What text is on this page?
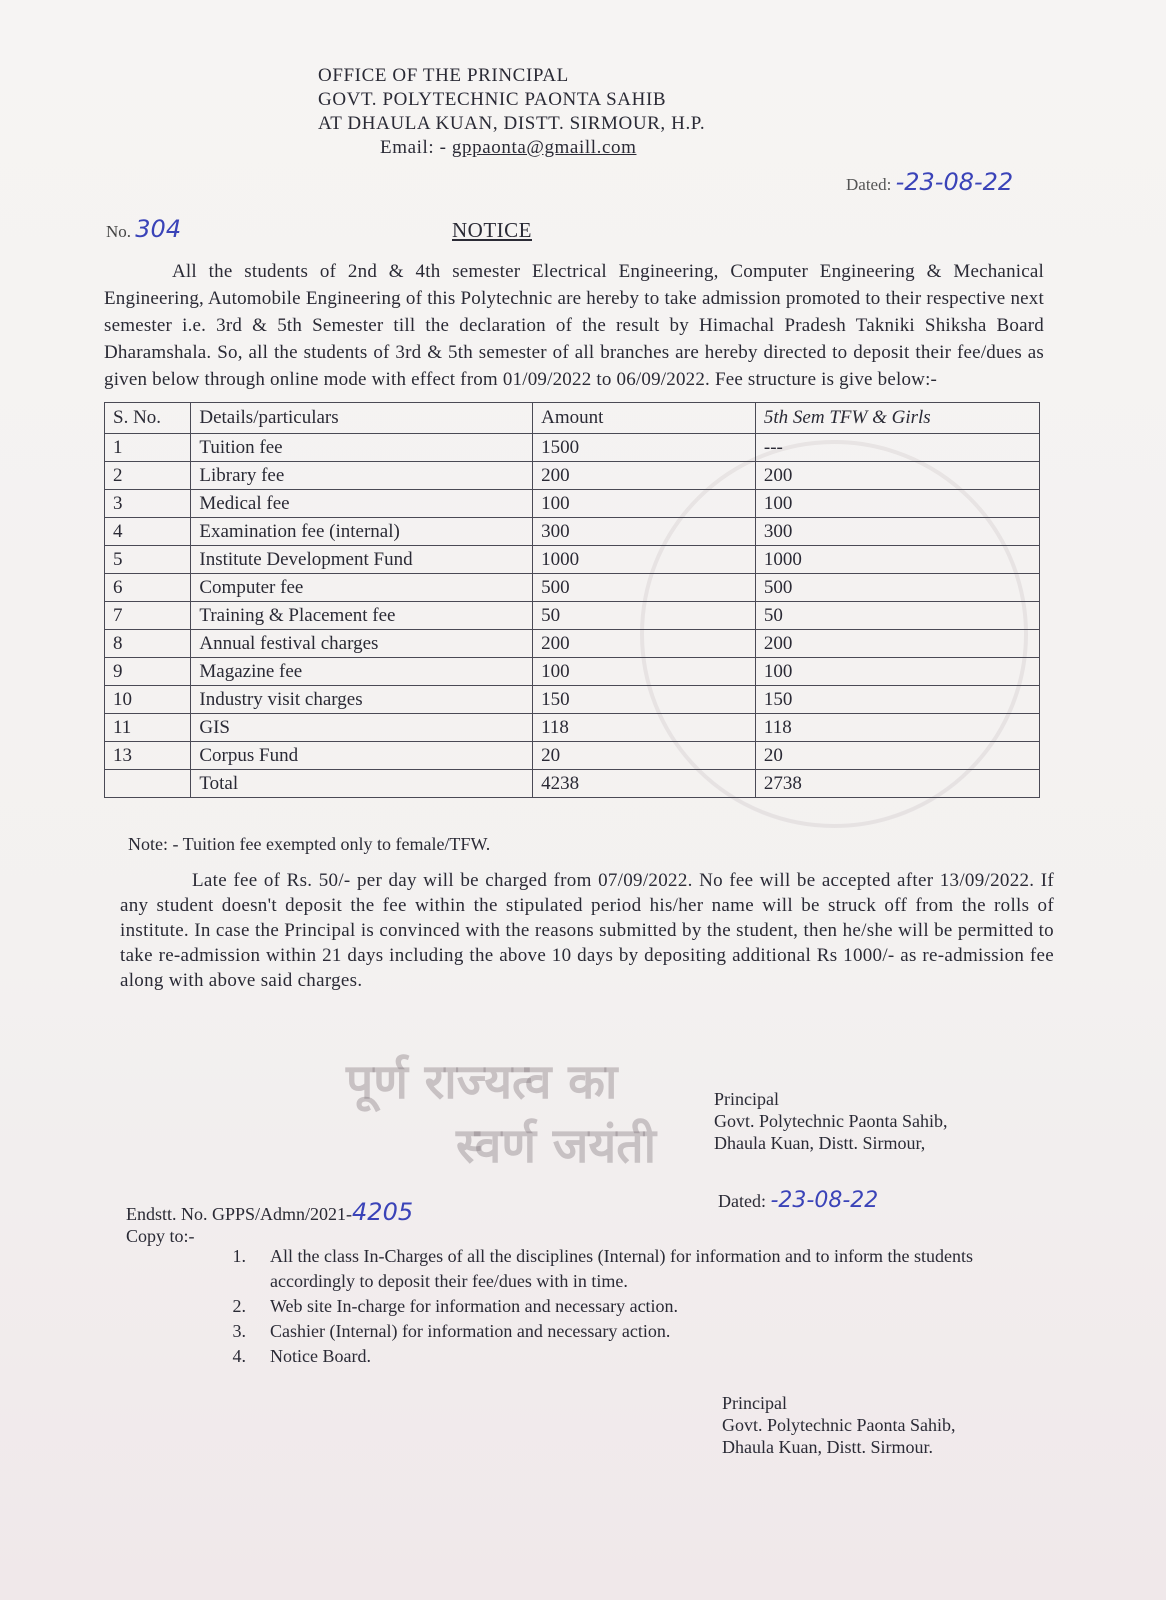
OFFICE OF THE PRINCIPAL
GOVT. POLYTECHNIC PAONTA SAHIB
AT DHAULA KUAN, DISTT. SIRMOUR, H.P.
Email: - gppaonta@gmaill.com
Dated: -23-08-22
No. 304	NOTICE
All the students of 2nd & 4th semester Electrical Engineering, Computer Engineering & Mechanical Engineering, Automobile Engineering of this Polytechnic are hereby to take admission promoted to their respective next semester i.e. 3rd & 5th Semester till the declaration of the result by Himachal Pradesh Takniki Shiksha Board Dharamshala. So, all the students of 3rd & 5th semester of all branches are hereby directed to deposit their fee/dues as given below through online mode with effect from 01/09/2022 to 06/09/2022. Fee structure is give below:-
S. No.	Details/particulars	Amount	5th Sem TFW & Girls
1	Tuition fee	1500	---
2	Library fee	200	200
3	Medical fee	100	100
4	Examination fee (internal)	300	300
5	Institute Development Fund	1000	1000
6	Computer fee	500	500
7	Training & Placement fee	50	50
8	Annual festival charges	200	200
9	Magazine fee	100	100
10	Industry visit charges	150	150
11	GIS	118	118
13	Corpus Fund	20	20
	Total	4238	2738
Note: - Tuition fee exempted only to female/TFW.
Late fee of Rs. 50/- per day will be charged from 07/09/2022. No fee will be accepted after 13/09/2022. If any student doesn't deposit the fee within the stipulated period his/her name will be struck off from the rolls of institute. In case the Principal is convinced with the reasons submitted by the student, then he/she will be permitted to take re-admission within 21 days including the above 10 days by depositing additional Rs 1000/- as re-admission fee along with above said charges.
पूर्ण राज्यत्व का
स्वर्ण जयंती
Principal
Govt. Polytechnic Paonta Sahib,
Dhaula Kuan, Distt. Sirmour,
Dated: -23-08-22
Endstt. No. GPPS/Admn/2021-4205
Copy to:-
1.	All the class In-Charges of all the disciplines (Internal) for information and to inform the students accordingly to deposit their fee/dues with in time.
2.	Web site In-charge for information and necessary action.
3.	Cashier (Internal) for information and necessary action.
4.	Notice Board.
Principal
Govt. Polytechnic Paonta Sahib,
Dhaula Kuan, Distt. Sirmour.
